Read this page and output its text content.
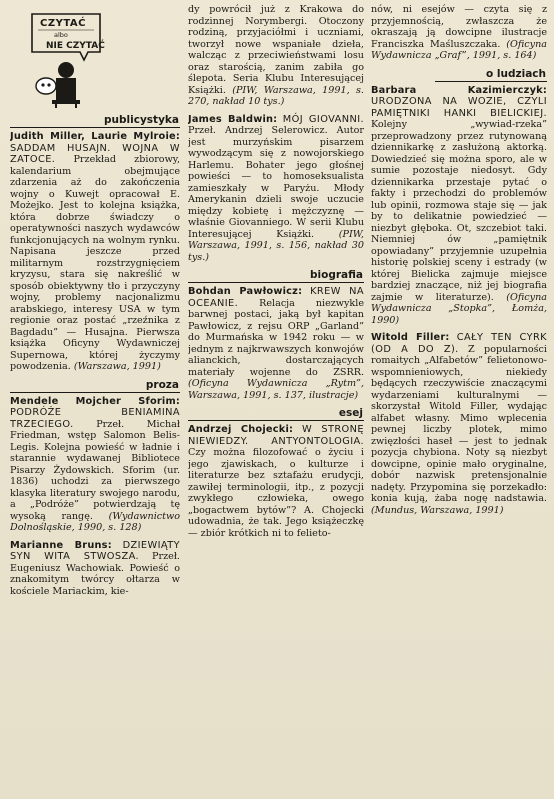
CZYTAĆ
albo
NIE CZYTAĆ
publicystyka

Judith Miller, Laurie Mylroie: SADDAM HUSAJN. WOJNA W ZATOCE. Przekład zbiorowy, kalendarium obejmujące zdarzenia aż do zakończenia wojny o Kuwejt opracował E. Możejko. Jest to kolejna książka, która dobrze świadczy o operatywności naszych wydawców funkcjonujących na wolnym rynku. Napisana jeszcze przed militarnym rozstrzygnięciem kryzysu, stara się nakreślić w sposób obiektywny tło i przyczyny wojny, problemy nacjonalizmu arabskiego, interesy USA w tym regionie oraz postać „rzeźnika z Bagdadu” — Husajna. Pierwsza książka Oficyny Wydawniczej Supernowa, której życzymy powodzenia. (Warszawa, 1991)

proza

Mendele Mojcher Sforim: PODRÓŻE BENIAMINA TRZECIEGO. Przeł. Michał Friedman, wstęp Salomon Belis-Legis. Kolejna powieść w ładnie i starannie wydawanej Bibliotece Pisarzy Żydowskich. Sforim (ur. 1836) uchodzi za pierwszego klasyka literatury swojego narodu, a „Podróże” potwierdzają tę wysoką rangę. (Wydawnictwo Dolnośląskie, 1990, s. 128)

Marianne Bruns: DZIEWIĄTY SYN WITA STWOSZA. Przeł. Eugeniusz Wachowiak. Powieść o znakomitym twórcy ołtarza w kościele Mariackim, kie-

dy powrócił już z Krakowa do rodzinnej Norymbergi. Otoczony rodziną, przyjaciółmi i uczniami, tworzył nowe wspaniałe dzieła, walcząc z przeciwieństwami losu oraz starością, zanim zabiła go ślepota. Seria Klubu Interesującej Książki. (PIW, Warszawa, 1991, s. 270, nakład 10 tys.)

James Baldwin: MÓJ GIOVANNI. Przeł. Andrzej Selerowicz. Autor jest murzyńskim pisarzem wywodzącym się z nowojorskiego Harlemu. Bohater jego głośnej powieści — to homoseksualista zamieszkały w Paryżu. Młody Amerykanin dzieli swoje uczucie między kobietę i mężczyznę — właśnie Giovanniego. W serii Klubu Interesującej Książki.	(PIW, Warszawa, 1991, s. 156, nakład 30 tys.)

biografia

Bohdan Pawłowicz: KREW NA OCEANIE. Relacja niezwykle barwnej postaci, jaką był kapitan Pawłowicz, z rejsu ORP „Garland” do Murmańska w 1942 roku — w jednym z najkrwawszych konwojów alianckich, dostarczających materiały wojenne do ZSRR. (Oficyna Wydawnicza „Rytm”, Warszawa, 1991, s. 137, ilustracje)

esej

Andrzej Chojecki: W STRONĘ NIEWIEDZY. ANTYONTOLOGIA. Czy można filozofować o życiu i jego zjawiskach, o kulturze i literaturze bez sztafażu erudycji, zawiłej terminologii, itp., z pozycji zwykłego człowieka, owego „bogactwem bytów”? A. Chojecki udowadnia, że tak. Jego książeczkę — zbiór krótkich ni to felieto-

nów, ni esejów — czyta się z przyjemnością, zwłaszcza że okraszają ją dowcipne ilustracje Franciszka Maśluszczaka. (Oficyna Wydawnicza „Graf”, 1991, s. 164)

o ludziach

Barbara Kazimierczyk: URODZONA NA WOZIE, CZYLI PAMIĘTNIKI HANKI BIELICKIEJ. Kolejny „wywiad-rzeka” przeprowadzony przez rutynowaną dziennikarkę z zasłużoną aktorką. Dowiedzieć się można sporo, ale w sumie pozostaje niedosyt. Gdy dziennikarka przestaje pytać o fakty i przechodzi do problemów lub opinii, rozmowa staje się — jak by to delikatnie powiedzieć — niezbyt głęboka. Ot, szczebiot taki. Niemniej ów „pamiętnik opowiadany” przyjemnie uzupełnia historię polskiej sceny i estrady (w której Bielicka zajmuje miejsce bardziej znaczące, niż jej biografia zajmie w literaturze). (Oficyna Wydawnicza „Stopka”, Łomża, 1990)

Witold Filler: CAŁY TEN CYRK (OD A DO Z). Z popularności romaitych „Alfabetów” felietonowo-wspomnieniowych, niekiedy będących rzeczywiście znaczącymi wydarzeniami kulturalnymi — skorzystał Witold Filler, wydając alfabet własny. Mimo wplecenia pewnej liczby plotek, mimo zwięzłości haseł — jest to jednak pozycja chybiona. Noty są niezbyt dowcipne, opinie mało oryginalne, dobór nazwisk pretensjonalnie nadęty. Przypomina się porzekadło: konia kują, żaba nogę nadstawia. (Mundus, Warszawa, 1991)
